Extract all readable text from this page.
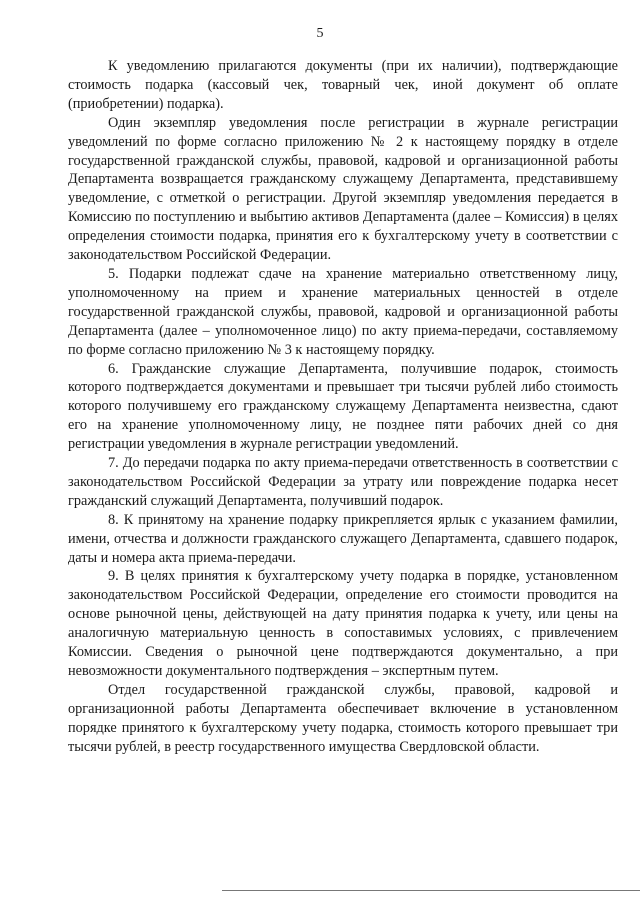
5

К уведомлению прилагаются документы (при их наличии), подтверждающие стоимость подарка (кассовый чек, товарный чек, иной документ об оплате (приобретении) подарка).

Один экземпляр уведомления после регистрации в журнале регистрации уведомлений по форме согласно приложению № 2 к настоящему порядку в отделе государственной гражданской службы, правовой, кадровой и организационной работы Департамента возвращается гражданскому служащему Департамента, представившему уведомление, с отметкой о регистрации. Другой экземпляр уведомления передается в Комиссию по поступлению и выбытию активов Департамента (далее – Комиссия) в целях определения стоимости подарка, принятия его к бухгалтерскому учету в соответствии с законодательством Российской Федерации.

5. Подарки подлежат сдаче на хранение материально ответственному лицу, уполномоченному на прием и хранение материальных ценностей в отделе государственной гражданской службы, правовой, кадровой и организационной работы Департамента (далее – уполномоченное лицо) по акту приема-передачи, составляемому по форме согласно приложению № 3 к настоящему порядку.

6. Гражданские служащие Департамента, получившие подарок, стоимость которого подтверждается документами и превышает три тысячи рублей либо стоимость которого получившему его гражданскому служащему Департамента неизвестна, сдают его на хранение уполномоченному лицу, не позднее пяти рабочих дней со дня регистрации уведомления в журнале регистрации уведомлений.

7. До передачи подарка по акту приема-передачи ответственность в соответствии с законодательством Российской Федерации за утрату или повреждение подарка несет гражданский служащий Департамента, получивший подарок.

8. К принятому на хранение подарку прикрепляется ярлык с указанием фамилии, имени, отчества и должности гражданского служащего Департамента, сдавшего подарок, даты и номера акта приема-передачи.

9. В целях принятия к бухгалтерскому учету подарка в порядке, установленном законодательством Российской Федерации, определение его стоимости проводится на основе рыночной цены, действующей на дату принятия подарка к учету, или цены на аналогичную материальную ценность в сопоставимых условиях, с привлечением Комиссии. Сведения о рыночной цене подтверждаются документально, а при невозможности документального подтверждения – экспертным путем.

Отдел государственной гражданской службы, правовой, кадровой и организационной работы Департамента обеспечивает включение в установленном порядке принятого к бухгалтерскому учету подарка, стоимость которого превышает три тысячи рублей, в реестр государственного имущества Свердловской области.
